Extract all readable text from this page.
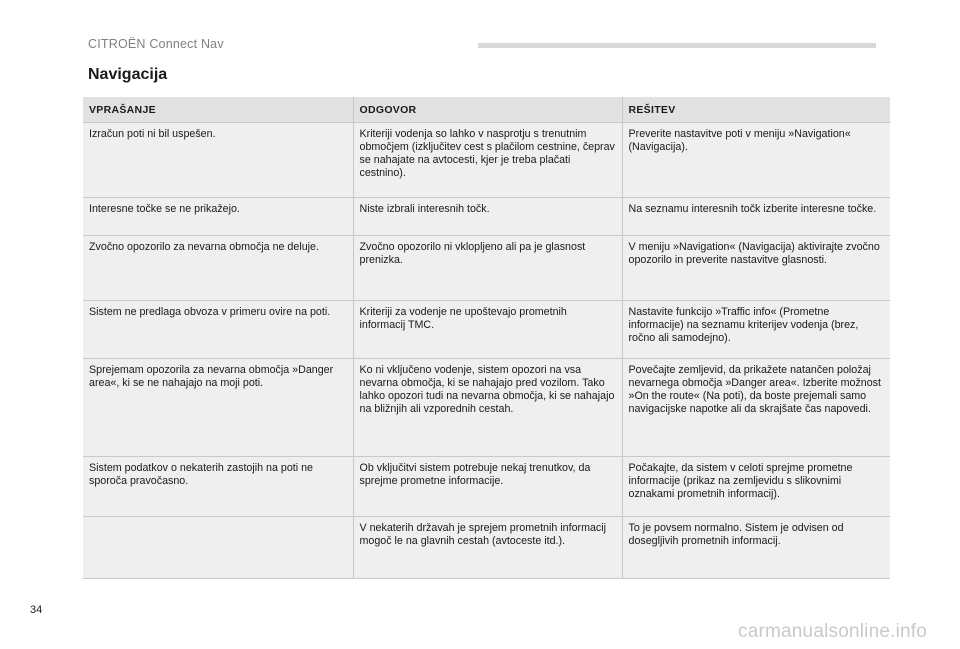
CITROËN Connect Nav
Navigacija
VPRAŠANJE	ODGOVOR	REŠITEV
Izračun poti ni bil uspešen.	Kriteriji vodenja so lahko v nasprotju s trenutnim območjem (izključitev cest s plačilom cestnine, čeprav se nahajate na avtocesti, kjer je treba plačati cestnino).	Preverite nastavitve poti v meniju »Navigation« (Navigacija).
Interesne točke se ne prikažejo.	Niste izbrali interesnih točk.	Na seznamu interesnih točk izberite interesne točke.
Zvočno opozorilo za nevarna območja ne deluje.	Zvočno opozorilo ni vklopljeno ali pa je glasnost prenizka.	V meniju »Navigation« (Navigacija) aktivirajte zvočno opozorilo in preverite nastavitve glasnosti.
Sistem ne predlaga obvoza v primeru ovire na poti.	Kriteriji za vodenje ne upoštevajo prometnih informacij TMC.	Nastavite funkcijo »Traffic info« (Prometne informacije) na seznamu kriterijev vodenja (brez, ročno ali samodejno).
Sprejemam opozorila za nevarna območja »Danger area«, ki se ne nahajajo na moji poti.	Ko ni vključeno vodenje, sistem opozori na vsa nevarna območja, ki se nahajajo pred vozilom. Tako lahko opozori tudi na nevarna območja, ki se nahajajo na bližnjih ali vzporednih cestah.	Povečajte zemljevid, da prikažete natančen položaj nevarnega območja »Danger area«. Izberite možnost »On the route« (Na poti), da boste prejemali samo navigacijske napotke ali da skrajšate čas napovedi.
Sistem podatkov o nekaterih zastojih na poti ne sporoča pravočasno.	Ob vključitvi sistem potrebuje nekaj trenutkov, da sprejme prometne informacije.	Počakajte, da sistem v celoti sprejme prometne informacije (prikaz na zemljevidu s slikovnimi oznakami prometnih informacij).
	V nekaterih državah je sprejem prometnih informacij mogoč le na glavnih cestah (avtoceste itd.).	To je povsem normalno. Sistem je odvisen od dosegljivih prometnih informacij.
34
carmanualsonline.info
